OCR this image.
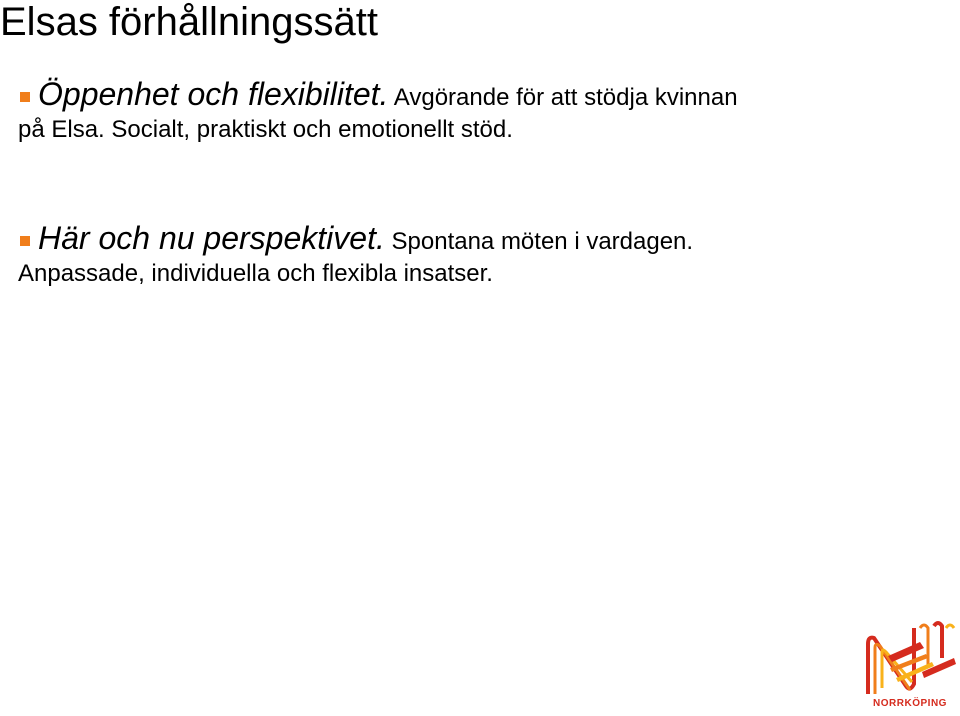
Elsas förhållningssätt

Öppenhet och flexibilitet. Avgörande för att stödja kvinnan på Elsa. Socialt, praktiskt och emotionellt stöd.

Här och nu perspektivet. Spontana möten i vardagen. Anpassade, individuella och flexibla insatser.

NORRKÖPING
